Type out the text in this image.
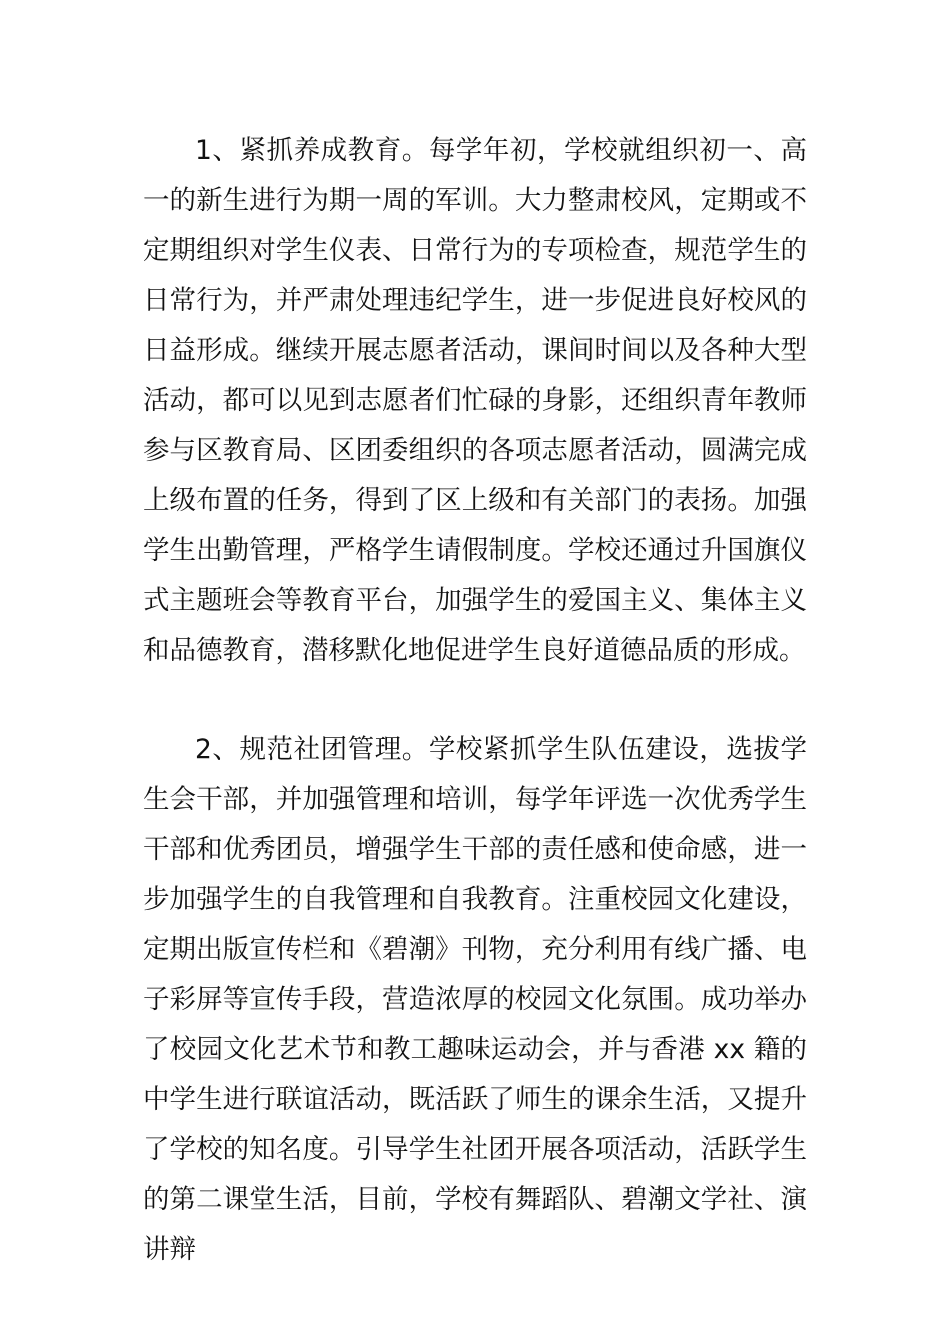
1、紧抓养成教育。每学年初，学校就组织初一、高一的新生进行为期一周的军训。大力整肃校风，定期或不定期组织对学生仪表、日常行为的专项检查，规范学生的日常行为，并严肃处理违纪学生，进一步促进良好校风的日益形成。继续开展志愿者活动，课间时间以及各种大型活动，都可以见到志愿者们忙碌的身影，还组织青年教师参与区教育局、区团委组织的各项志愿者活动，圆满完成上级布置的任务，得到了区上级和有关部门的表扬。加强学生出勤管理，严格学生请假制度。学校还通过升国旗仪式主题班会等教育平台，加强学生的爱国主义、集体主义和品德教育，潜移默化地促进学生良好道德品质的形成。

2、规范社团管理。学校紧抓学生队伍建设，选拔学生会干部，并加强管理和培训，每学年评选一次优秀学生干部和优秀团员，增强学生干部的责任感和使命感，进一步加强学生的自我管理和自我教育。注重校园文化建设，定期出版宣传栏和《碧潮》刊物，充分利用有线广播、电子彩屏等宣传手段，营造浓厚的校园文化氛围。成功举办了校园文化艺术节和教工趣味运动会，并与香港 xx 籍的中学生进行联谊活动，既活跃了师生的课余生活，又提升了学校的知名度。引导学生社团开展各项活动，活跃学生的第二课堂生活，目前，学校有舞蹈队、碧潮文学社、演讲辩
